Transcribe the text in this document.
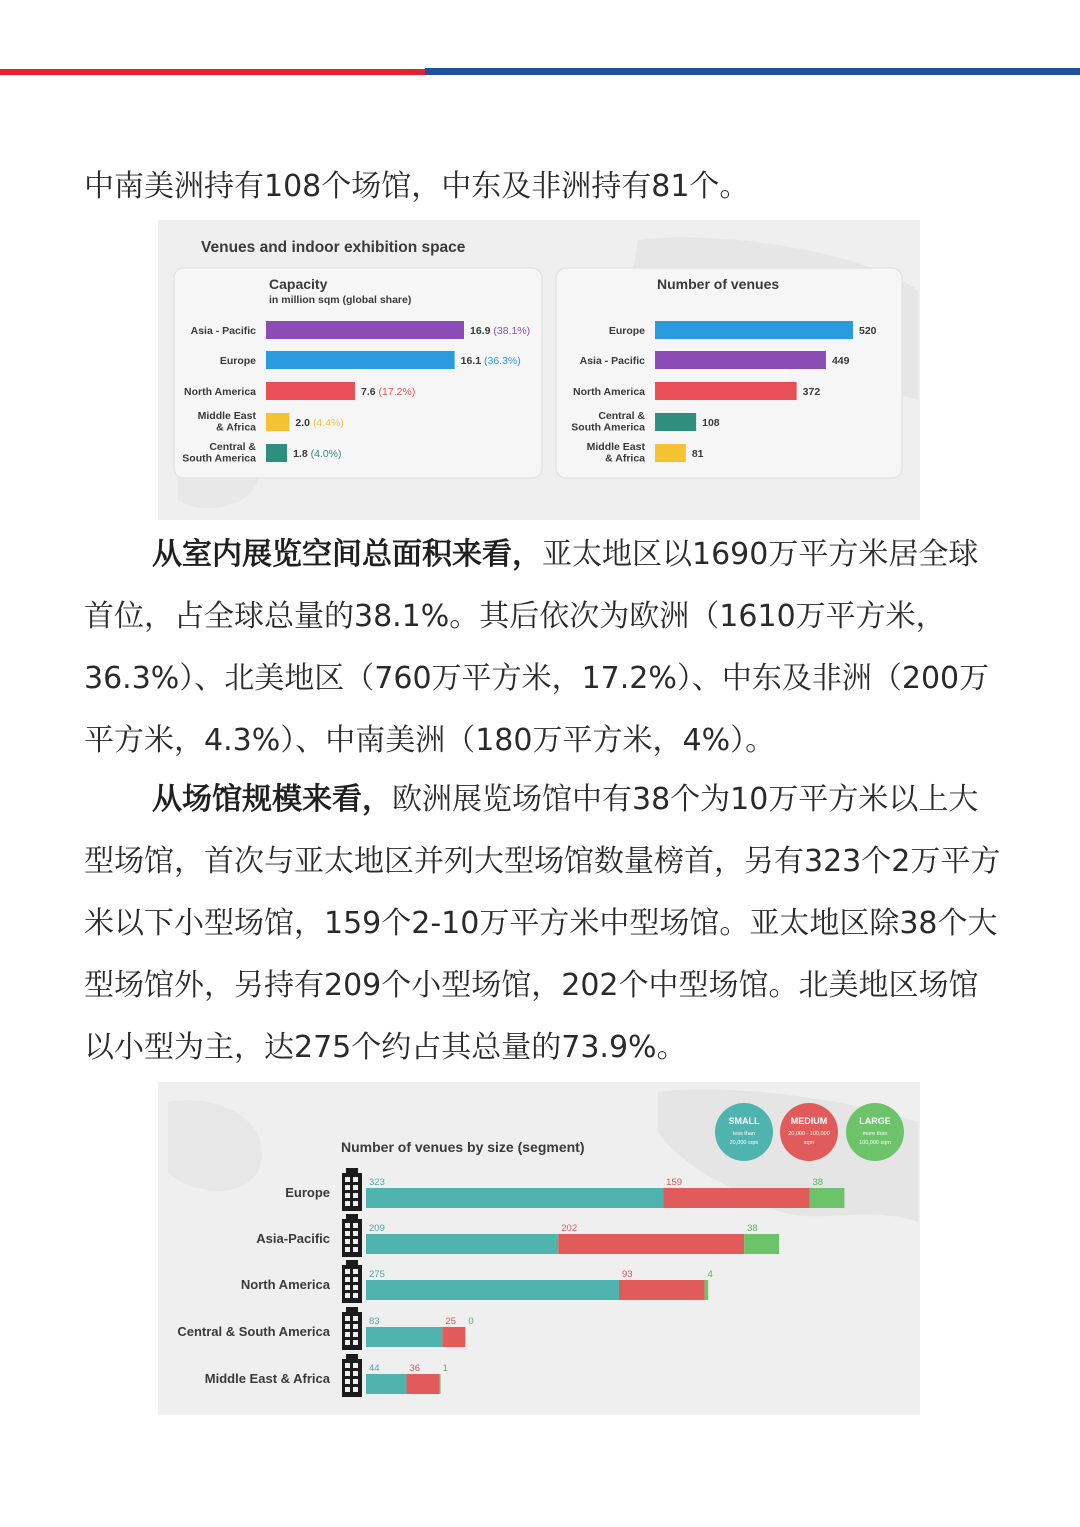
中南美洲持有108个场馆，中东及非洲持有81个。

Venues and indoor exhibition space
Capacity
in million sqm (global share)
Number of venues
Asia - Pacific	16.9 (38.1%)
Europe	16.1 (36.3%)
North America	7.6 (17.2%)
Middle East & Africa	2.0 (4.4%)
Central & South America	1.8 (4.0%)
Europe	520
Asia - Pacific	449
North America	372
Central & South America	108
Middle East & Africa	81

从室内展览空间总面积来看，亚太地区以1690万平方米居全球首位，占全球总量的38.1%。其后依次为欧洲（1610万平方米，36.3%）、北美地区（760万平方米，17.2%）、中东及非洲（200万平方米，4.3%）、中南美洲（180万平方米，4%）。

从场馆规模来看，欧洲展览场馆中有38个为10万平方米以上大型场馆，首次与亚太地区并列大型场馆数量榜首，另有323个2万平方米以下小型场馆，159个2-10万平方米中型场馆。亚太地区除38个大型场馆外，另持有209个小型场馆，202个中型场馆。北美地区场馆以小型为主，达275个约占其总量的73.9%。

Number of venues by size (segment)
SMALL
less than
20,000 sqm
MEDIUM
20,000 - 100,000
sqm
LARGE
more than
100,000 sqm
Europe
323	159	38
Asia-Pacific
209	202	38
North America
275	93	4
Central & South America
83	25 0
Middle East & Africa
44	36 1
